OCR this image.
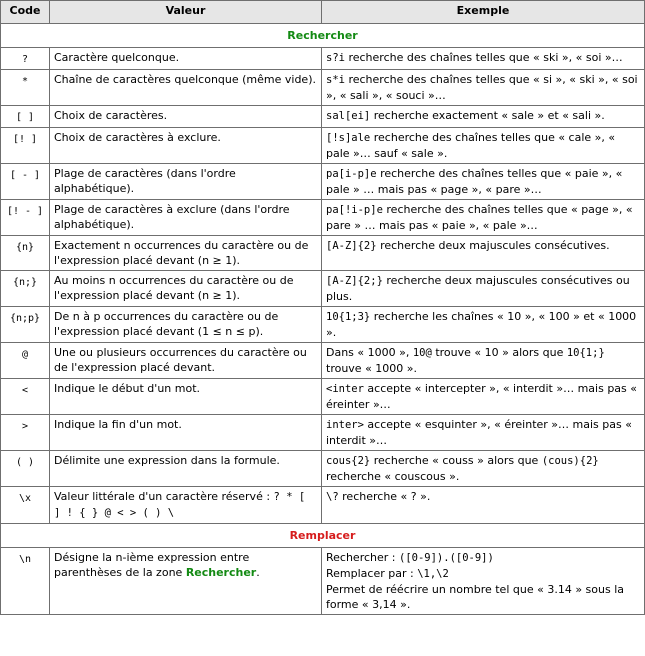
Code	Valeur	Exemple
Rechercher		
?	Caractère quelconque.	s?i recherche des chaînes telles que « ski », « soi »…
*	Chaîne de caractères quelconque (même vide).	s*i recherche des chaînes telles que « si », « ski », « soi », « sali », « souci »…
[ ]	Choix de caractères.	sal[ei] recherche exactement « sale » et « sali ».
[! ]	Choix de caractères à exclure.	[!s]ale recherche des chaînes telles que « cale », « pale »… sauf « sale ».
[ - ]	Plage de caractères (dans l'ordre alphabétique).	pa[i-p]e recherche des chaînes telles que « paie », « pale » … mais pas « page », « pare »…
[! - ]	Plage de caractères à exclure (dans l'ordre alphabétique).	pa[!i-p]e recherche des chaînes telles que « page », « pare » … mais pas « paie », « pale »…
{n}	Exactement n occurrences du caractère ou de l'expression placé devant (n ≥ 1).	[A-Z]{2} recherche deux majuscules consécutives.
{n;}	Au moins n occurrences du caractère ou de l'expression placé devant (n ≥ 1).	[A-Z]{2;} recherche deux majuscules consécutives ou plus.
{n;p}	De n à p occurrences du caractère ou de l'expression placé devant (1 ≤ n ≤ p).	10{1;3} recherche les chaînes « 10 », « 100 » et « 1000 ».
@	Une ou plusieurs occurrences du caractère ou de l'expression placé devant.	Dans « 1000 », 10@ trouve « 10 » alors que 10{1;} trouve « 1000 ».
<	Indique le début d'un mot.	<inter accepte « intercepter », « interdit »… mais pas « éreinter »…
>	Indique la fin d'un mot.	inter> accepte « esquinter », « éreinter »… mais pas « interdit »…
( )	Délimite une expression dans la formule.	cous{2} recherche « couss » alors que (cous){2} recherche « couscous ».
\x	Valeur littérale d'un caractère réservé : ? * [ ] ! { } @ < > ( ) \	\? recherche « ? ».
Remplacer		
\n	Désigne la n-ième expression entre parenthèses de la zone Rechercher.	Rechercher : ([0-9]).([0-9])
Remplacer par : \1,\2
Permet de réécrire un nombre tel que « 3.14 » sous la forme « 3,14 ».
